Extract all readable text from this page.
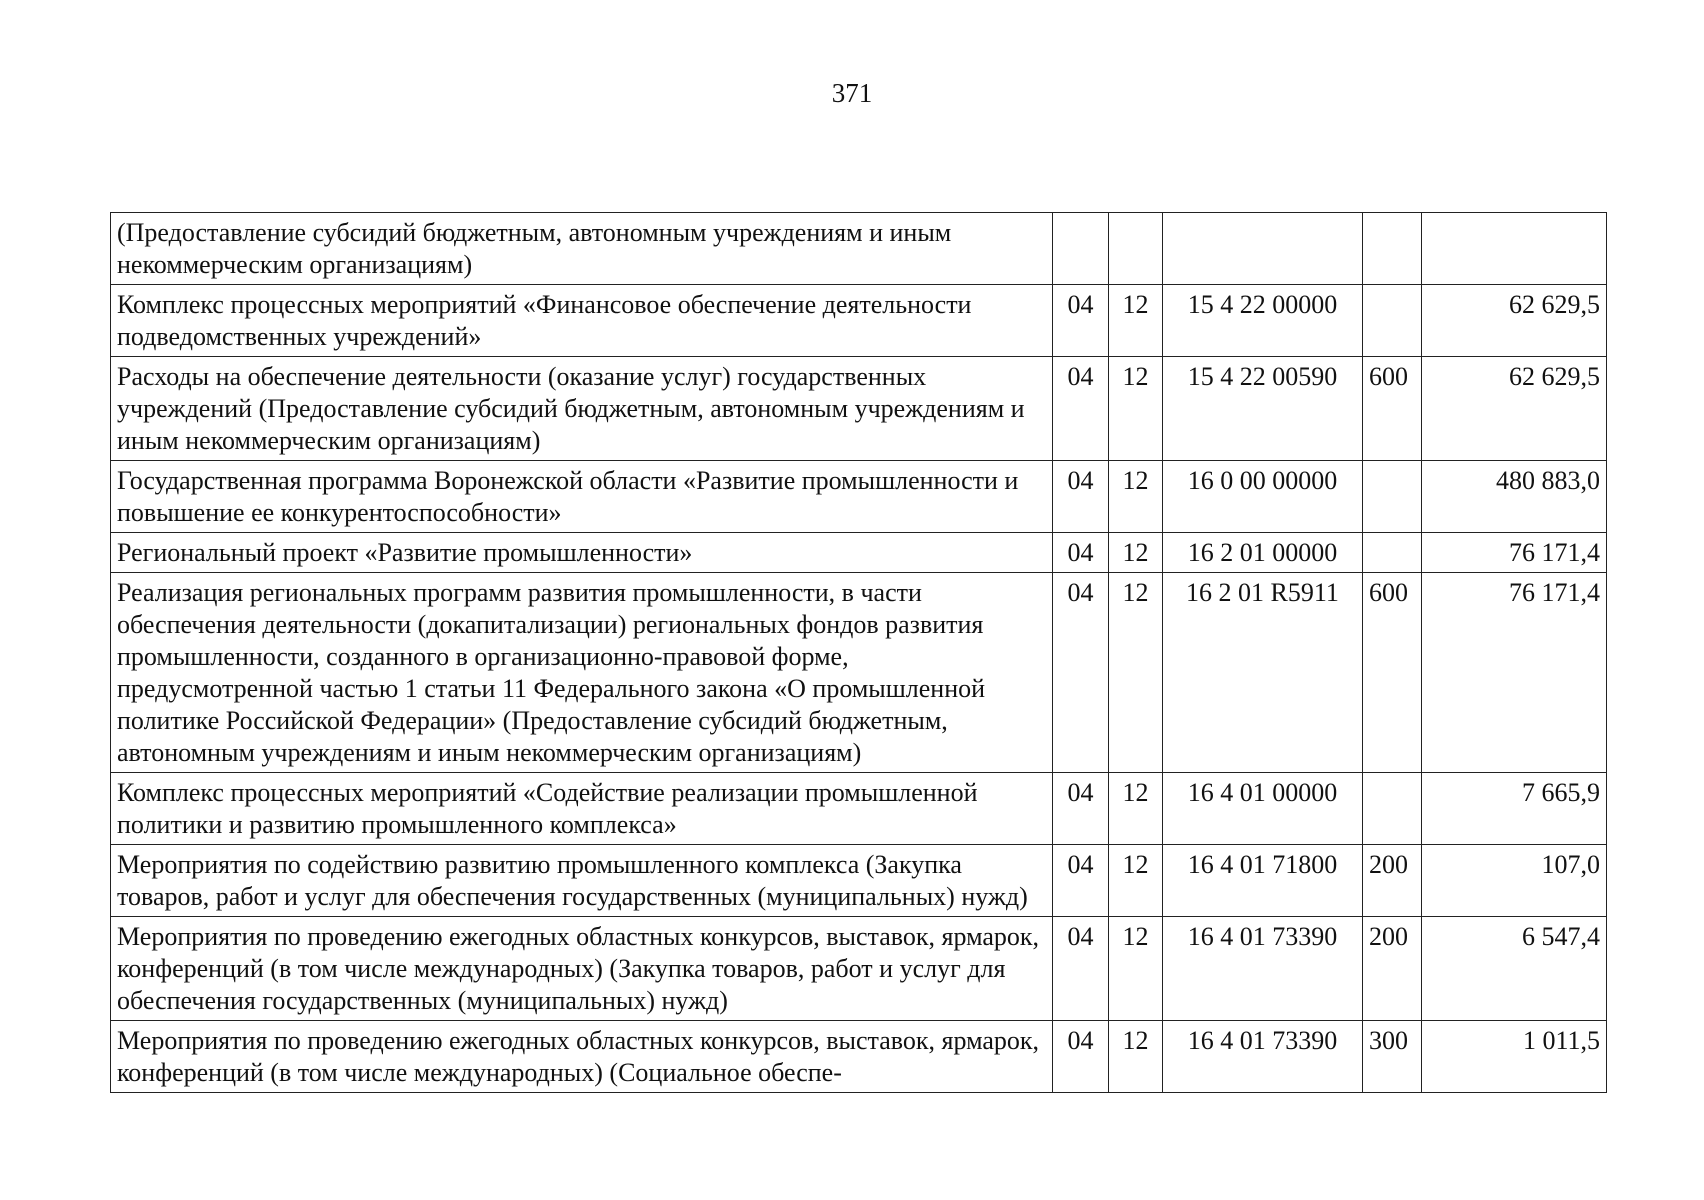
371
(Предоставление субсидий бюджетным, автономным учреждениям и иным некоммерческим организациям)					
Комплекс процессных мероприятий «Финансовое обеспечение деятельности подведомственных учреждений»	04	12	15 4 22 00000		62 629,5
Расходы на обеспечение деятельности (оказание услуг) государственных учреждений (Предоставление субсидий бюджетным, автономным учреждениям и иным некоммерческим организациям)	04	12	15 4 22 00590	600	62 629,5
Государственная программа Воронежской области «Развитие промышленности и повышение ее конкурентоспособности»	04	12	16 0 00 00000		480 883,0
Региональный проект «Развитие промышленности»	04	12	16 2 01 00000		76 171,4
Реализация региональных программ развития промышленности, в части обеспечения деятельности (докапитализации) региональных фондов развития промышленности, созданного в организационно-правовой форме, предусмотренной частью 1 статьи 11 Федерального закона «О промышленной политике Российской Федерации» (Предоставление субсидий бюджетным, автономным учреждениям и иным некоммерческим организациям)	04	12	16 2 01 R5911	600	76 171,4
Комплекс процессных мероприятий «Содействие реализации промышленной политики и развитию промышленного комплекса»	04	12	16 4 01 00000		7 665,9
Мероприятия по содействию развитию промышленного комплекса (Закупка товаров, работ и услуг для обеспечения государственных (муниципальных) нужд)	04	12	16 4 01 71800	200	107,0
Мероприятия по проведению ежегодных областных конкурсов, выставок, ярмарок, конференций (в том числе международных) (Закупка товаров, работ и услуг для обеспечения государственных (муниципальных) нужд)	04	12	16 4 01 73390	200	6 547,4
Мероприятия по проведению ежегодных областных конкурсов, выставок, ярмарок, конференций (в том числе международных) (Социальное обеспе-	04	12	16 4 01 73390	300	1 011,5
